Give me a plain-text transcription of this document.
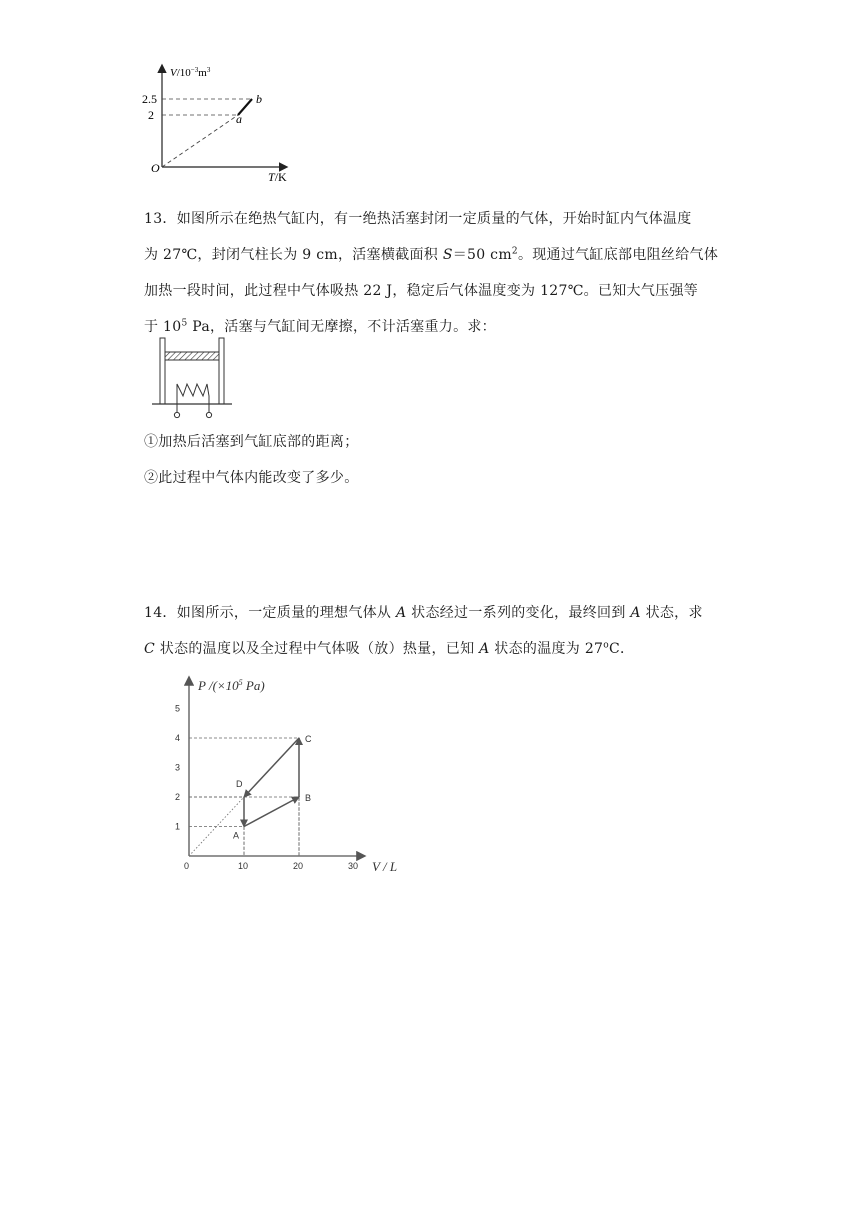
$V/10^{-3}m^3$
T/K
O
2.5
2	a
b
13．如图所示在绝热气缸内，有一绝热活塞封闭一定质量的气体，开始时缸内气体温度
为 27℃，封闭气柱长为 9 cm，活塞横截面积 S＝50 $cm^2$。现通过气缸底部电阻丝给气体
加热一段时间，此过程中气体吸热 22 J，稳定后气体温度变为 127℃。已知大气压强等
于 $10^5$ Pa，活塞与气缸间无摩擦，不计活塞重力。求：
①加热后活塞到气缸底部的距离；
②此过程中气体内能改变了多少。
14．如图所示，一定质量的理想气体从 A 状态经过一系列的变化，最终回到 A 状态，求
C 状态的温度以及全过程中气体吸（放）热量，已知 A 状态的温度为 27$^o$C．
P $/(\times 10^5$ Pa)
V / L
0
1
2
3
4
5
10	20	30
A
B
C
D
